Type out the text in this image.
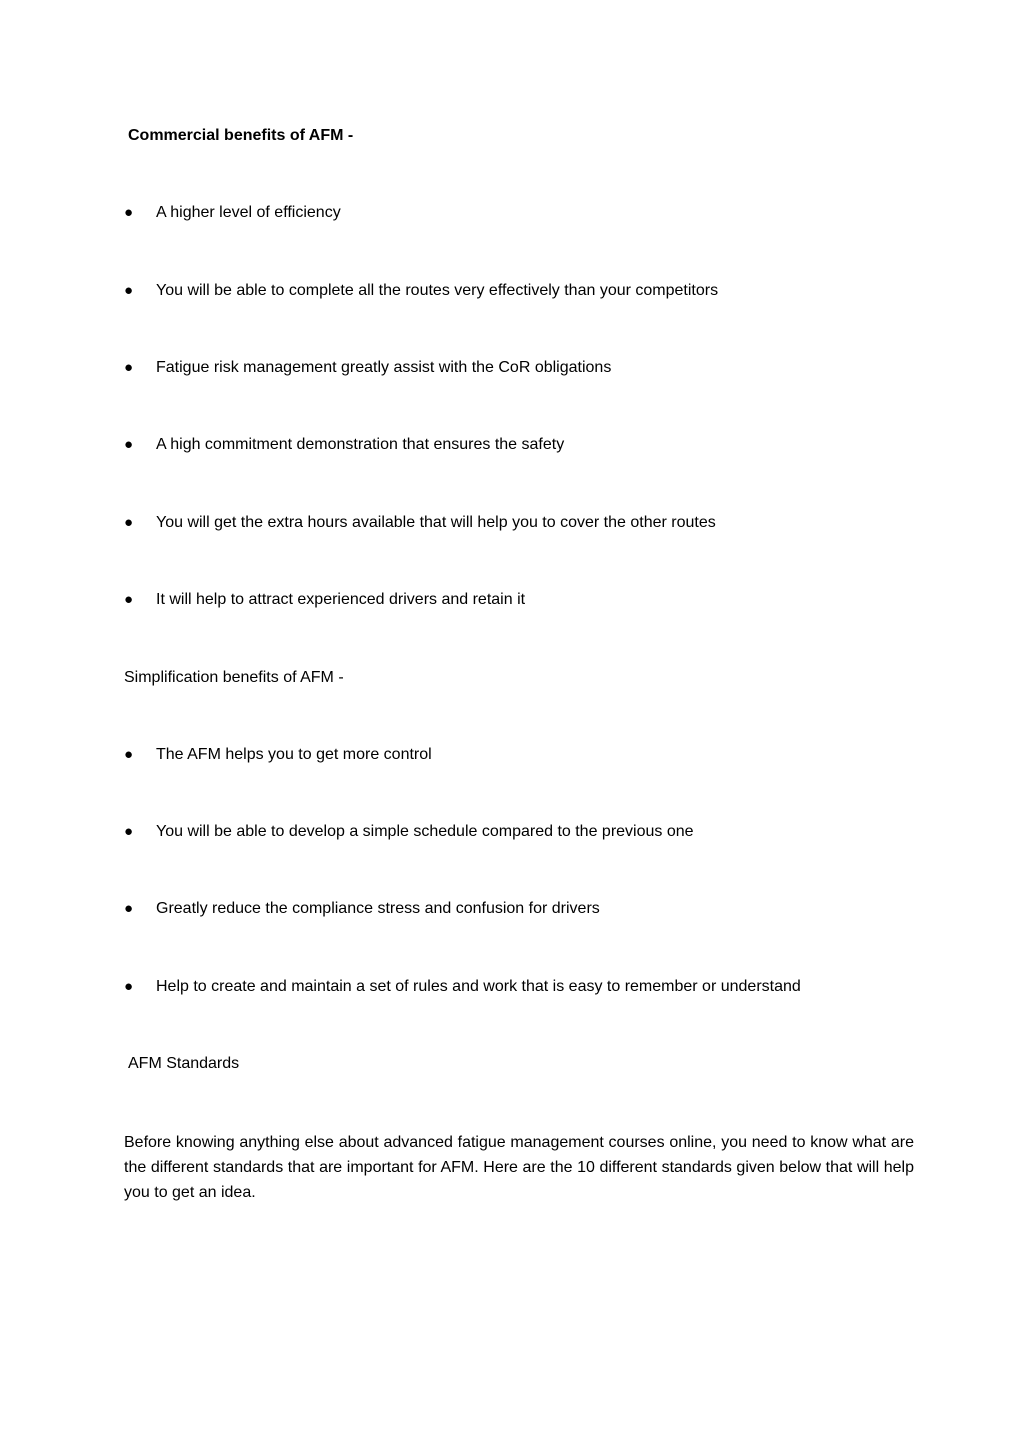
Commercial benefits of AFM -
●	A higher level of efficiency
●	You will be able to complete all the routes very effectively than your competitors
●	Fatigue risk management greatly assist with the CoR obligations
●	A high commitment demonstration that ensures the safety
●	You will get the extra hours available that will help you to cover the other routes
●	It will help to attract experienced drivers and retain it
Simplification benefits of AFM -
●	The AFM helps you to get more control
●	You will be able to develop a simple schedule compared to the previous one
●	Greatly reduce the compliance stress and confusion for drivers
●	Help to create and maintain a set of rules and work that is easy to remember or understand
AFM Standards
Before knowing anything else about advanced fatigue management courses online, you need to know what are the different standards that are important for AFM. Here are the 10 different standards given below that will help you to get an idea.
